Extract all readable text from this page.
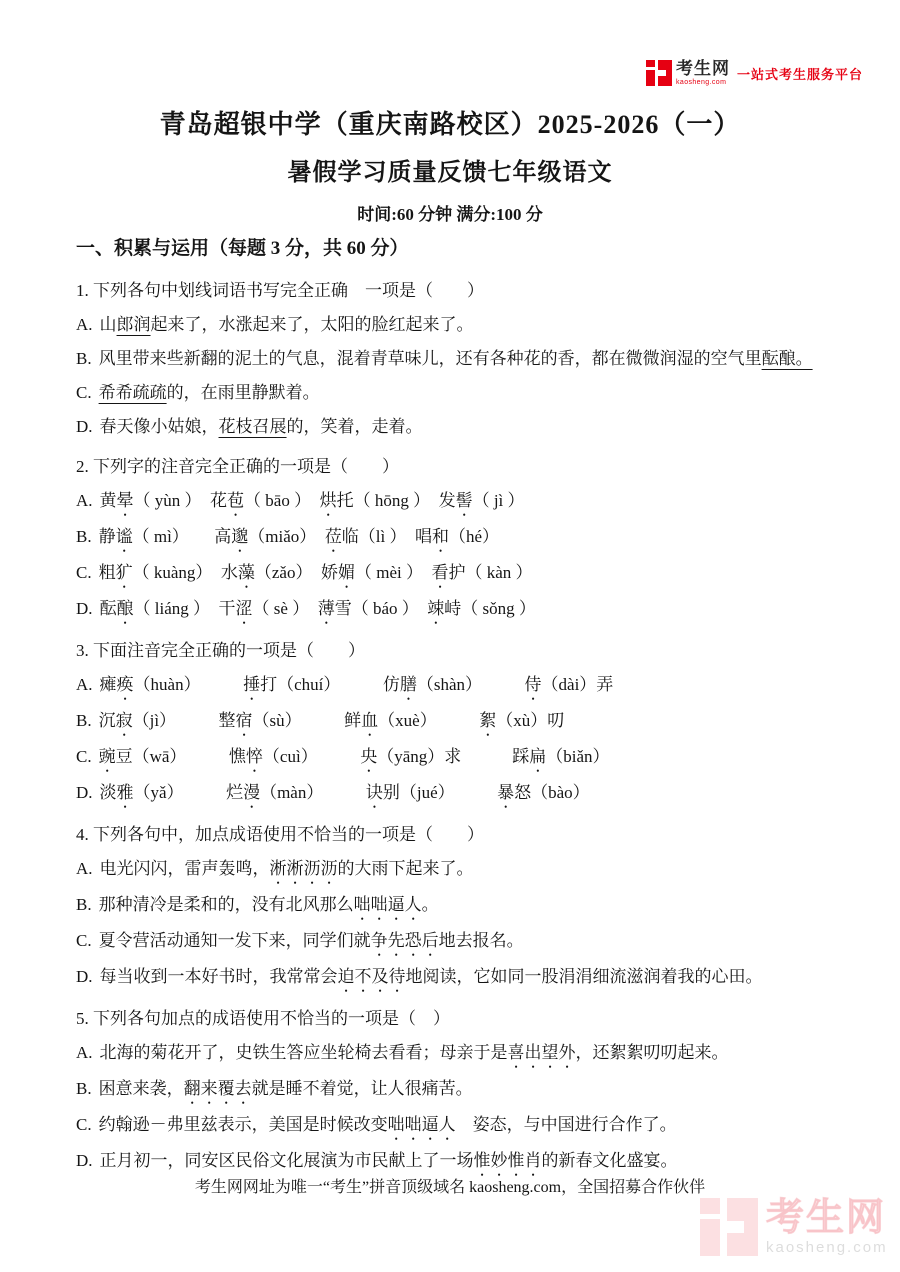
考生网
kaosheng.com
一站式考生服务平台
青岛超银中学（重庆南路校区）2025-2026（一）
暑假学习质量反馈七年级语文
时间:60 分钟 满分:100 分
一、积累与运用（每题 3 分，共 60 分）

1. 下列各句中划线词语书写完全正确　一项是（　　）

A. 山郎润起来了，水涨起来了，太阳的脸红起来了。

B. 风里带来些新翻的泥土的气息，混着青草味儿，还有各种花的香，都在微微润湿的空气里酝酿。

C. 希希疏疏的，在雨里静默着。

D. 春天像小姑娘，花枝召展的，笑着，走着。

2. 下列字的注音完全正确的一项是（　　）

A. 黄晕（ yùn ）　花苞（ bāo ）　烘托（ hōng ）　发髻（ jì ）

B. 静谧（ mì）　　高邈（miǎo）　莅临（lì ）　唱和（hé）

C. 粗犷（ kuàng）　水藻（zǎo）　娇媚（ mèi ）　看护（ kàn ）

D. 酝酿（ liáng ）　干涩（ sè ）　薄雪（ báo ）　竦峙（ sǒng ）

3. 下面注音完全正确的一项是（　　）

A. 瘫痪（huàn）　　　捶打（chuí）　　　仿膳（shàn）　　　侍（dài）弄

B. 沉寂（jì）　　　整宿（sù）　　　鲜血（xuè）　　　絮（xù）叨

C. 豌豆（wā）　　　憔悴（cuì）　　　央（yāng）求　　　踩扁（biǎn）

D. 淡雅（yǎ）　　　烂漫（màn）　　　诀别（jué）　　　暴怒（bào）

4. 下列各句中，加点成语使用不恰当的一项是（　　）

A. 电光闪闪，雷声轰鸣，淅淅沥沥的大雨下起来了。

B. 那种清冷是柔和的，没有北风那么咄咄逼人。

C. 夏令营活动通知一发下来，同学们就争先恐后地去报名。

D. 每当收到一本好书时，我常常会迫不及待地阅读，它如同一股涓涓细流滋润着我的心田。

5. 下列各句加点的成语使用不恰当的一项是（　）

A. 北海的菊花开了，史铁生答应坐轮椅去看看；母亲于是喜出望外，还絮絮叨叨起来。

B. 困意来袭，翻来覆去就是睡不着觉，让人很痛苦。

C. 约翰逊－弗里兹表示，美国是时候改变咄咄逼人　姿态，与中国进行合作了。

D. 正月初一，同安区民俗文化展演为市民献上了一场惟妙惟肖的新春文化盛宴。

考生网网址为唯一“考生”拼音顶级域名 kaosheng.com，全国招募合作伙伴
考生网
kaosheng.com
